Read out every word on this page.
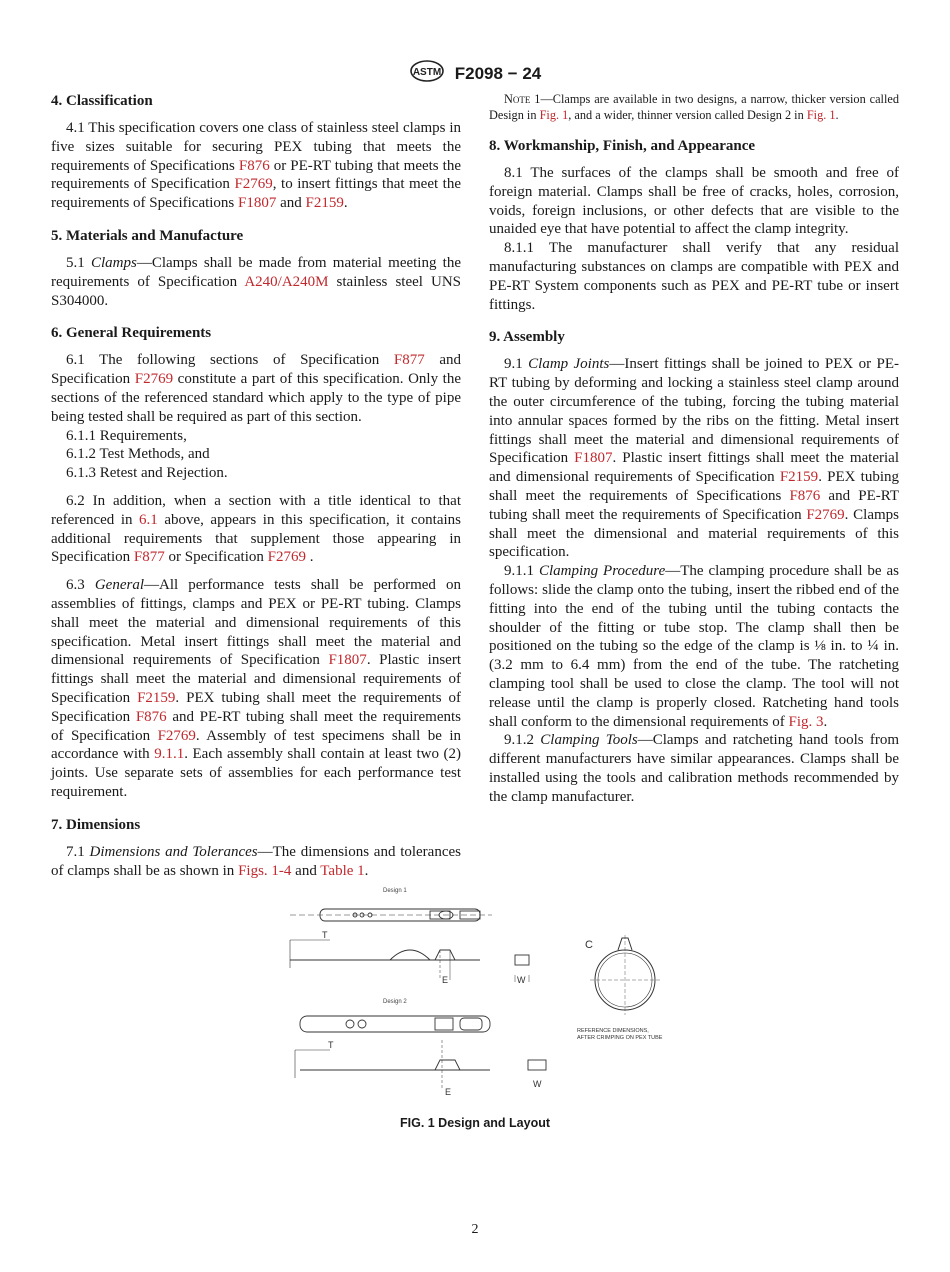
ASTM F2098 − 24
4. Classification

4.1 This specification covers one class of stainless steel clamps in five sizes suitable for securing PEX tubing that meets the requirements of Specifications F876 or PE-RT tubing that meets the requirements of Specification F2769, to insert fittings that meet the requirements of Specifications F1807 and F2159.

5. Materials and Manufacture

5.1 Clamps—Clamps shall be made from material meeting the requirements of Specification A240/A240M stainless steel UNS S304000.

6. General Requirements

6.1 The following sections of Specification F877 and Specification F2769 constitute a part of this specification. Only the sections of the referenced standard which apply to the type of pipe being tested shall be required as part of this section.

6.1.1 Requirements,

6.1.2 Test Methods, and

6.1.3 Retest and Rejection.

6.2 In addition, when a section with a title identical to that referenced in 6.1 above, appears in this specification, it contains additional requirements that supplement those appearing in Specification F877 or Specification F2769 .

6.3 General—All performance tests shall be performed on assemblies of fittings, clamps and PEX or PE-RT tubing. Clamps shall meet the material and dimensional requirements of this specification. Metal insert fittings shall meet the material and dimensional requirements of Specification F1807. Plastic insert fittings shall meet the material and dimensional requirements of Specification F2159. PEX tubing shall meet the requirements of Specification F876 and PE-RT tubing shall meet the requirements of Specification F2769. Assembly of test specimens shall be in accordance with 9.1.1. Each assembly shall contain at least two (2) joints. Use separate sets of assemblies for each performance test requirement.

7. Dimensions

7.1 Dimensions and Tolerances—The dimensions and tolerances of clamps shall be as shown in Figs. 1-4 and Table 1.

Note 1—Clamps are available in two designs, a narrow, thicker version called Design in Fig. 1, and a wider, thinner version called Design 2 in Fig. 1.

8. Workmanship, Finish, and Appearance

8.1 The surfaces of the clamps shall be smooth and free of foreign material. Clamps shall be free of cracks, holes, corrosion, voids, foreign inclusions, or other defects that are visible to the unaided eye that have potential to affect the clamp integrity.

8.1.1 The manufacturer shall verify that any residual manufacturing substances on clamps are compatible with PEX and PE-RT System components such as PEX and PE-RT tube or insert fittings.

9. Assembly

9.1 Clamp Joints—Insert fittings shall be joined to PEX or PE-RT tubing by deforming and locking a stainless steel clamp around the outer circumference of the tubing, forcing the tubing material into annular spaces formed by the ribs on the fitting. Metal insert fittings shall meet the material and dimensional requirements of Specification F1807. Plastic insert fittings shall meet the material and dimensional requirements of Specification F2159. PEX tubing shall meet the requirements of Specifications F876 and PE-RT tubing shall meet the requirements of Specification F2769. Clamps shall meet the dimensional and material requirements of this specification.

9.1.1 Clamping Procedure—The clamping procedure shall be as follows: slide the clamp onto the tubing, insert the ribbed end of the fitting into the end of the tubing until the tubing contacts the shoulder of the fitting or tube stop. The clamp shall then be positioned on the tubing so the edge of the clamp is ⅛ in. to ¼ in. (3.2 mm to 6.4 mm) from the end of the tube. The ratcheting clamping tool shall be used to close the clamp. The tool will not release until the clamp is properly closed. Ratcheting hand tools shall conform to the dimensional requirements of Fig. 3.

9.1.2 Clamping Tools—Clamps and ratcheting hand tools from different manufacturers have similar appearances. Clamps shall be installed using the tools and calibration methods recommended by the clamp manufacturer.

Design 1
T
E	W
C
REFERENCE DIMENSIONS,
AFTER CRIMPING ON PEX TUBE
Design 2
T
E
W
FIG. 1 Design and Layout
2
